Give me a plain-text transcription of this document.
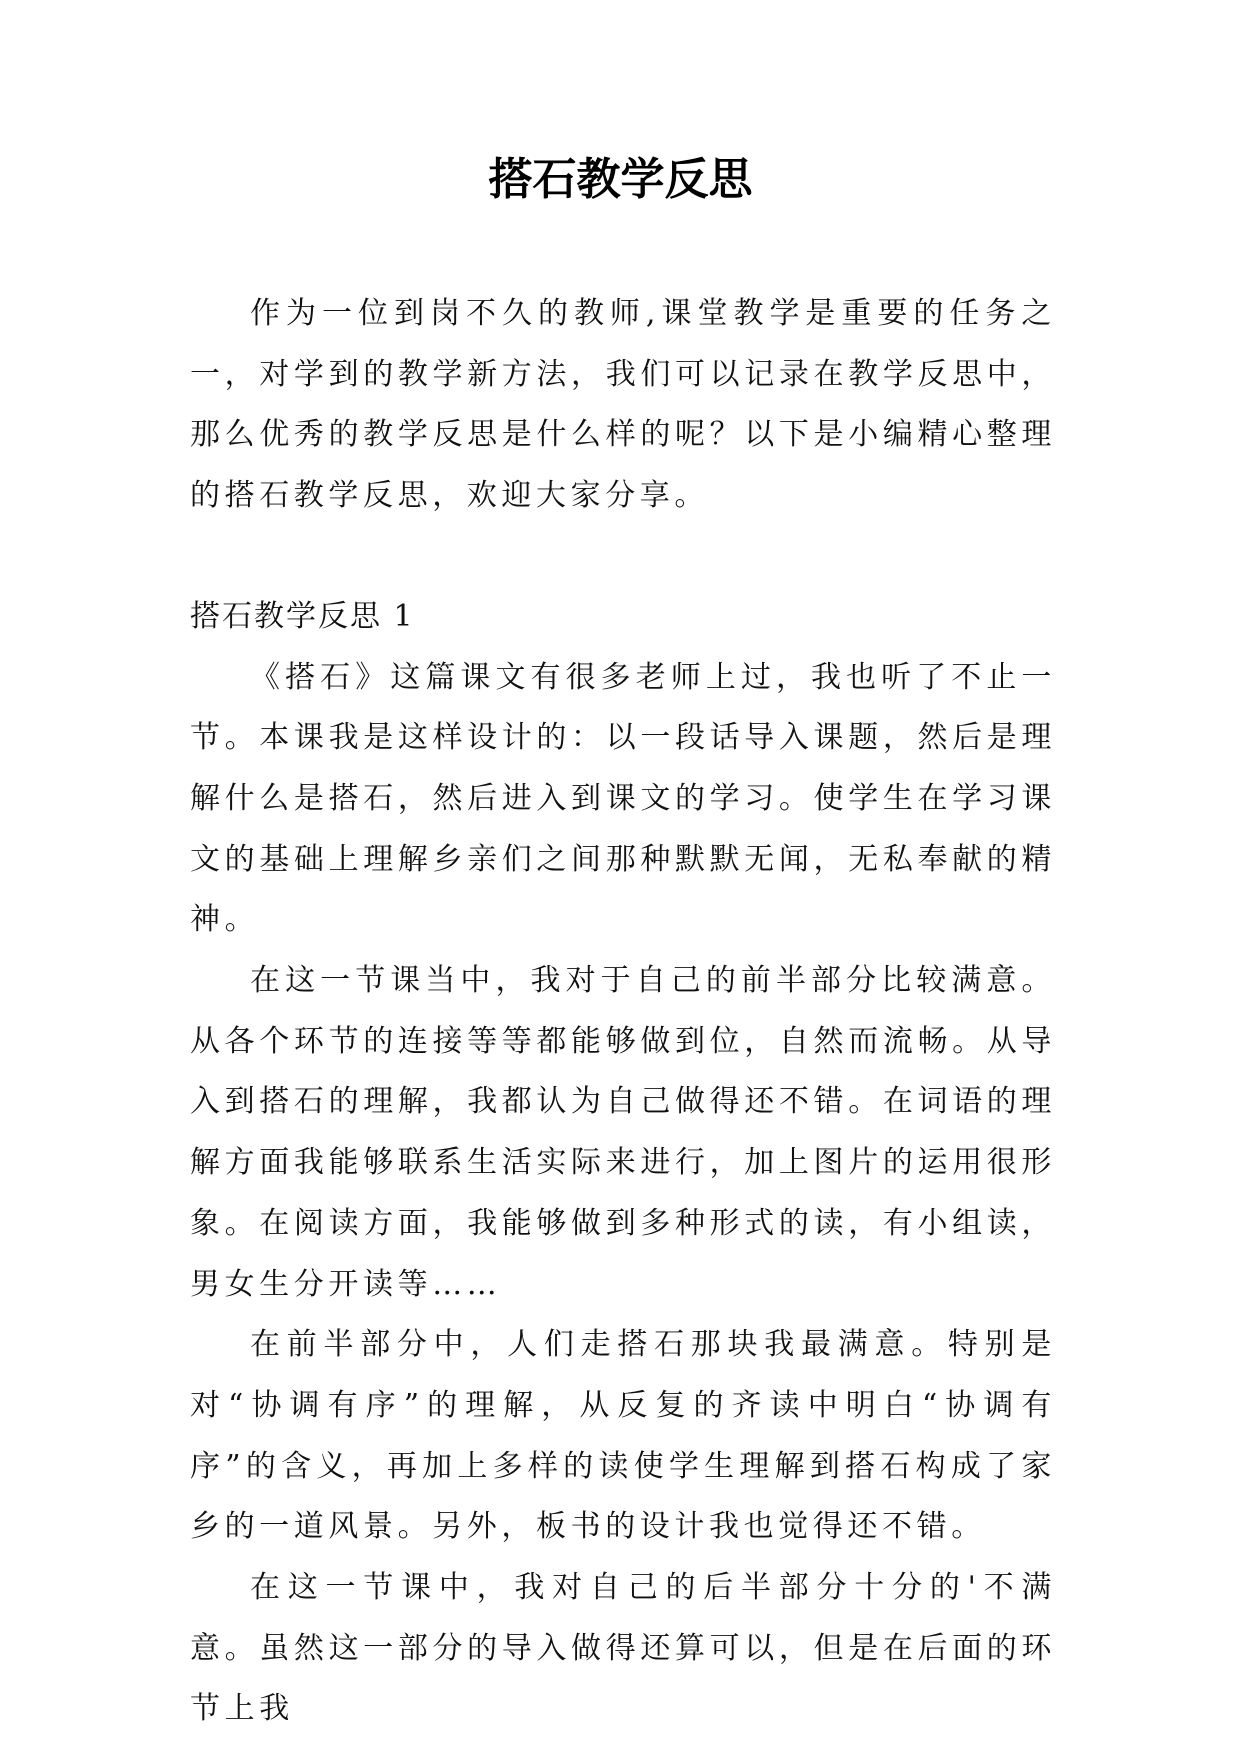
搭石教学反思

作为一位到岗不久的教师,课堂教学是重要的任务之一，对学到的教学新方法，我们可以记录在教学反思中，那么优秀的教学反思是什么样的呢？以下是小编精心整理的搭石教学反思，欢迎大家分享。

搭石教学反思 1

《搭石》这篇课文有很多老师上过，我也听了不止一节。本课我是这样设计的：以一段话导入课题，然后是理解什么是搭石，然后进入到课文的学习。使学生在学习课文的基础上理解乡亲们之间那种默默无闻，无私奉献的精神。

在这一节课当中，我对于自己的前半部分比较满意。从各个环节的连接等等都能够做到位，自然而流畅。从导入到搭石的理解，我都认为自己做得还不错。在词语的理解方面我能够联系生活实际来进行，加上图片的运用很形象。在阅读方面，我能够做到多种形式的读，有小组读，男女生分开读等……

在前半部分中，人们走搭石那块我最满意。特别是对“协调有序”的理解，从反复的齐读中明白“协调有序”的含义，再加上多样的读使学生理解到搭石构成了家乡的一道风景。另外，板书的设计我也觉得还不错。

在这一节课中，我对自己的后半部分十分的'不满意。虽然这一部分的导入做得还算可以，但是在后面的环节上我
